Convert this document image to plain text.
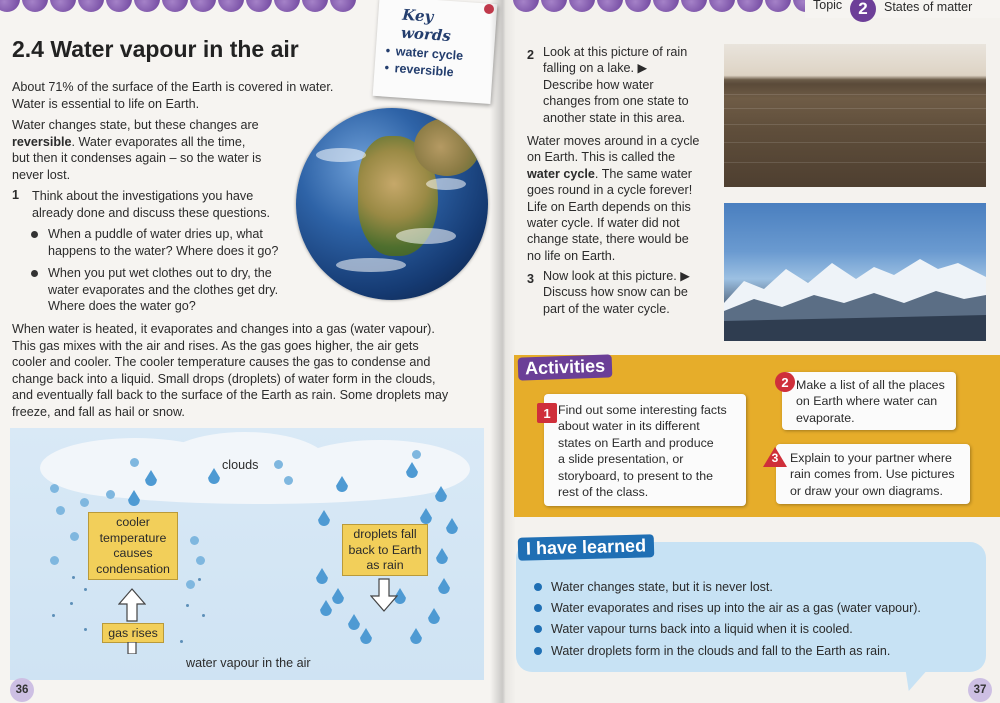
2.4 Water vapour in the air
About 71% of the surface of the Earth is covered in water.
Water is essential to life on Earth.
Water changes state, but these changes are
reversible. Water evaporates all the time,
but then it condenses again – so the water is
never lost.
1 Think about the investigations you have
already done and discuss these questions.
When a puddle of water dries up, what
happens to the water? Where does it go?
When you put wet clothes out to dry, the
water evaporates and the clothes get dry.
Where does the water go?
When water is heated, it evaporates and changes into a gas (water vapour).
This gas mixes with the air and rises. As the gas goes higher, the air gets
cooler and cooler. The cooler temperature causes the gas to condense and
change back into a liquid. Small drops (droplets) of water form in the clouds,
and eventually fall back to the surface of the Earth as rain. Some droplets may
freeze, and fall as hail or snow.
Key words
• water cycle
• reversible
clouds
cooler
temperature
causes
condensation
droplets fall
back to Earth
as rain
gas rises
water vapour in the air
36
Topic 2	States of matter
2 Look at this picture of rain
falling on a lake. ▶
Describe how water
changes from one state to
another state in this area.
Water moves around in a cycle
on Earth. This is called the
water cycle. The same water
goes round in a cycle forever!
Life on Earth depends on this
water cycle. If water did not
change state, there would be
no life on Earth.
3 Now look at this picture. ▶
Discuss how snow can be
part of the water cycle.
Activities
Find out some interesting facts
about water in its different
states on Earth and produce
a slide presentation, or
storyboard, to present to the
rest of the class.
1
Make a list of all the places
on Earth where water can
evaporate.
2
Explain to your partner where
rain comes from. Use pictures
or draw your own diagrams.
3
I have learned
Water changes state, but it is never lost.
Water evaporates and rises up into the air as a gas (water vapour).
Water vapour turns back into a liquid when it is cooled.
Water droplets form in the clouds and fall to the Earth as rain.
37
